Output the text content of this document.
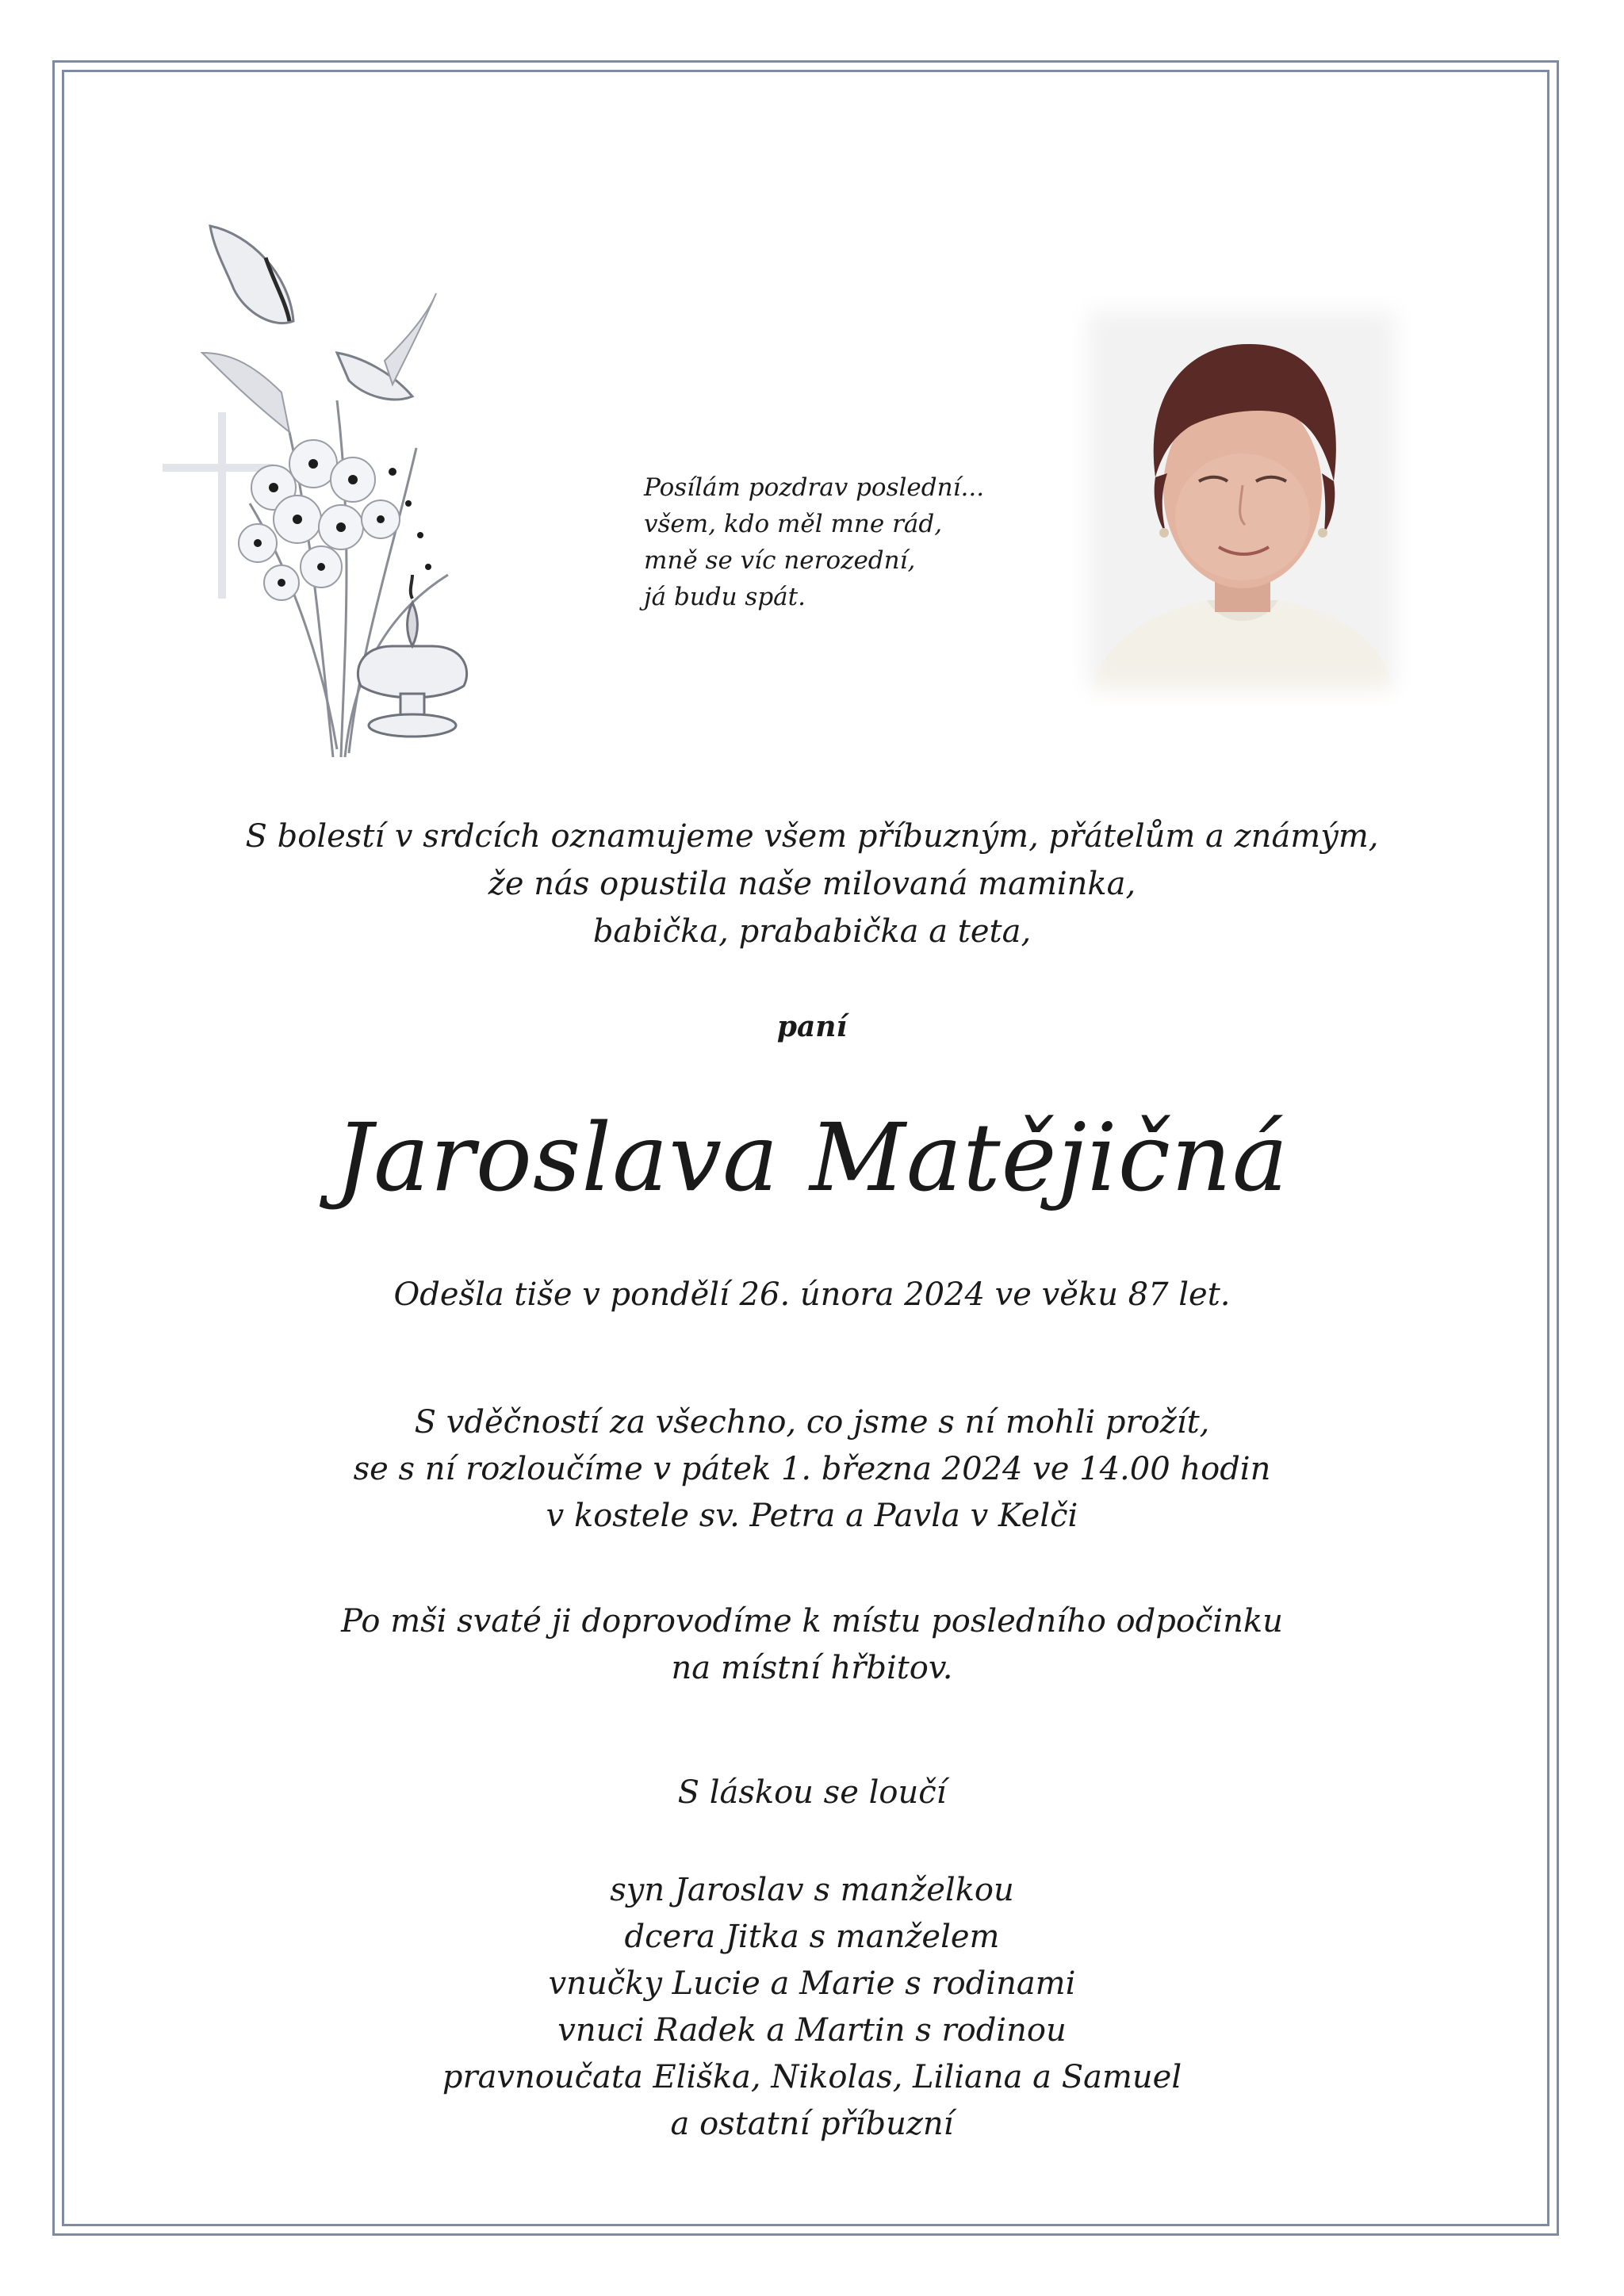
Posílám pozdrav poslední...
všem, kdo měl mne rád,
mně se víc nerozední,
já budu spát.
S bolestí v srdcích oznamujeme všem příbuzným, přátelům a známým,
že nás opustila naše milovaná maminka,
babička, prababička a teta,
paní
Jaroslava Matějičná
Odešla tiše v pondělí 26. února 2024 ve věku 87 let.
S vděčností za všechno, co jsme s ní mohli prožít,
se s ní rozloučíme v pátek 1. března 2024 ve 14.00 hodin
v kostele sv. Petra a Pavla v Kelči
Po mši svaté ji doprovodíme k místu posledního odpočinku
na místní hřbitov.
S láskou se loučí
syn Jaroslav s manželkou
dcera Jitka s manželem
vnučky Lucie a Marie s rodinami
vnuci Radek a Martin s rodinou
pravnoučata Eliška, Nikolas, Liliana a Samuel
a ostatní příbuzní
